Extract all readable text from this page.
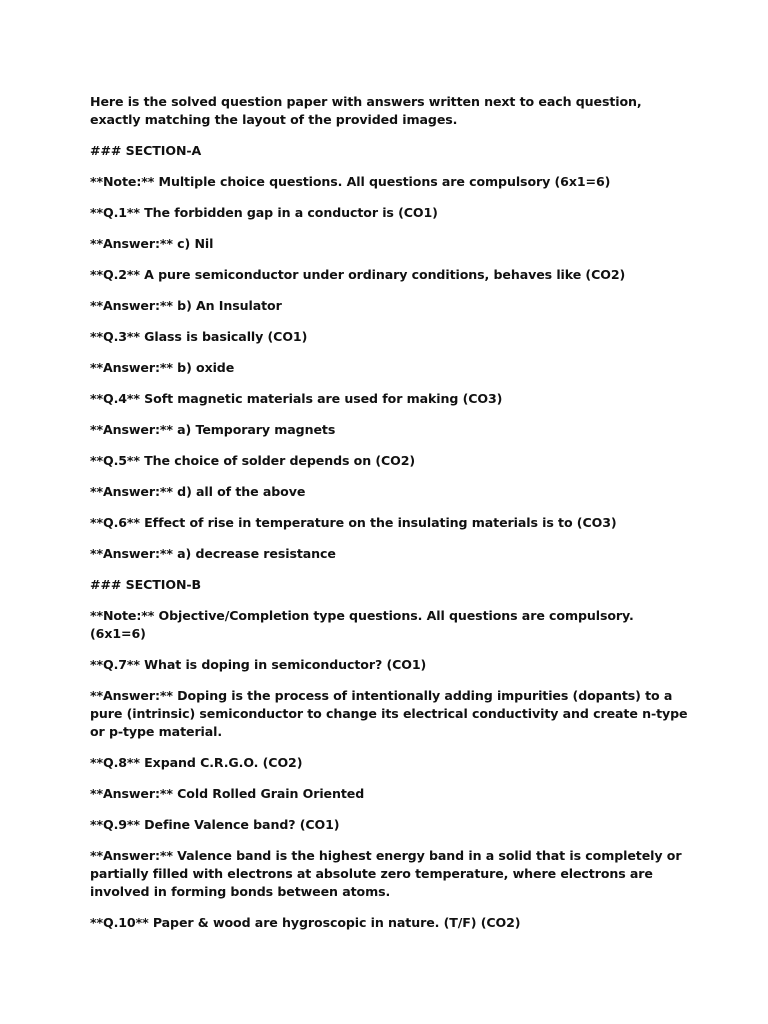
Here is the solved question paper with answers written next to each question, exactly matching the layout of the provided images.

### SECTION-A

**Note:** Multiple choice questions. All questions are compulsory (6x1=6)

**Q.1** The forbidden gap in a conductor is (CO1)

**Answer:** c) Nil

**Q.2** A pure semiconductor under ordinary conditions, behaves like (CO2)

**Answer:** b) An Insulator

**Q.3** Glass is basically (CO1)

**Answer:** b) oxide

**Q.4** Soft magnetic materials are used for making (CO3)

**Answer:** a) Temporary magnets

**Q.5** The choice of solder depends on (CO2)

**Answer:** d) all of the above

**Q.6** Effect of rise in temperature on the insulating materials is to (CO3)

**Answer:** a) decrease resistance

### SECTION-B

**Note:** Objective/Completion type questions. All questions are compulsory. (6x1=6)

**Q.7** What is doping in semiconductor? (CO1)

**Answer:** Doping is the process of intentionally adding impurities (dopants) to a pure (intrinsic) semiconductor to change its electrical conductivity and create n-type or p-type material.

**Q.8** Expand C.R.G.O. (CO2)

**Answer:** Cold Rolled Grain Oriented

**Q.9** Define Valence band? (CO1)

**Answer:** Valence band is the highest energy band in a solid that is completely or partially filled with electrons at absolute zero temperature, where electrons are involved in forming bonds between atoms.

**Q.10** Paper & wood are hygroscopic in nature. (T/F) (CO2)
